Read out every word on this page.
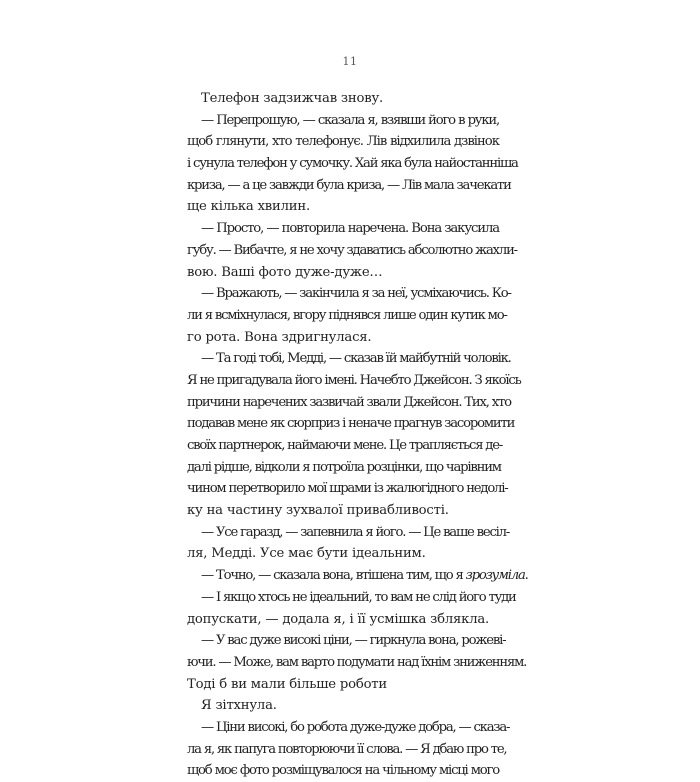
11
Телефон задзижчав знову.
— Перепрошую, — сказала я, взявши його в руки,
щоб глянути, хто телефонує. Лів відхилила дзвінок
і сунула телефон у сумочку. Хай яка була найостанніша
криза, — а це завжди була криза, — Лів мала зачекати
ще кілька хвилин.
— Просто, — повторила наречена. Вона закусила
губу. — Вибачте, я не хочу здаватись абсолютно жахли-
вою. Ваші фото дуже-дуже…
— Вражають, — закінчила я за неї, усміхаючись. Ко-
ли я всміхнулася, вгору піднявся лише один кутик мо-
го рота. Вона здригнулася.
— Та годі тобі, Медді, — сказав їй майбутній чоловік.
Я не пригадувала його імені. Начебто Джейсон. З якоїсь
причини наречених зазвичай звали Джейсон. Тих, хто
подавав мене як сюрприз і неначе прагнув засоромити
своїх партнерок, наймаючи мене. Це трапляється де-
далі рідше, відколи я потроїла розцінки, що чарівним
чином перетворило мої шрами із жалюгідного недолі-
ку на частину зухвалої привабливості.
— Усе гаразд, — запевнила я його. — Це ваше весіл-
ля, Медді. Усе має бути ідеальним.
— Точно, — сказала вона, втішена тим, що я зрозуміла.
— І якщо хтось не ідеальний, то вам не слід його туди
допускати, — додала я, і її усмішка зблякла.
— У вас дуже високі ціни, — гиркнула вона, рожеві-
ючи. — Може, вам варто подумати над їхнім зниженням.
Тоді б ви мали більше роботи
Я зітхнула.
— Ціни високі, бо робота дуже-дуже добра, — сказа-
ла я, як папуга повторюючи її слова. — Я дбаю про те,
щоб моє фото розміщувалося на чільному місці мого
